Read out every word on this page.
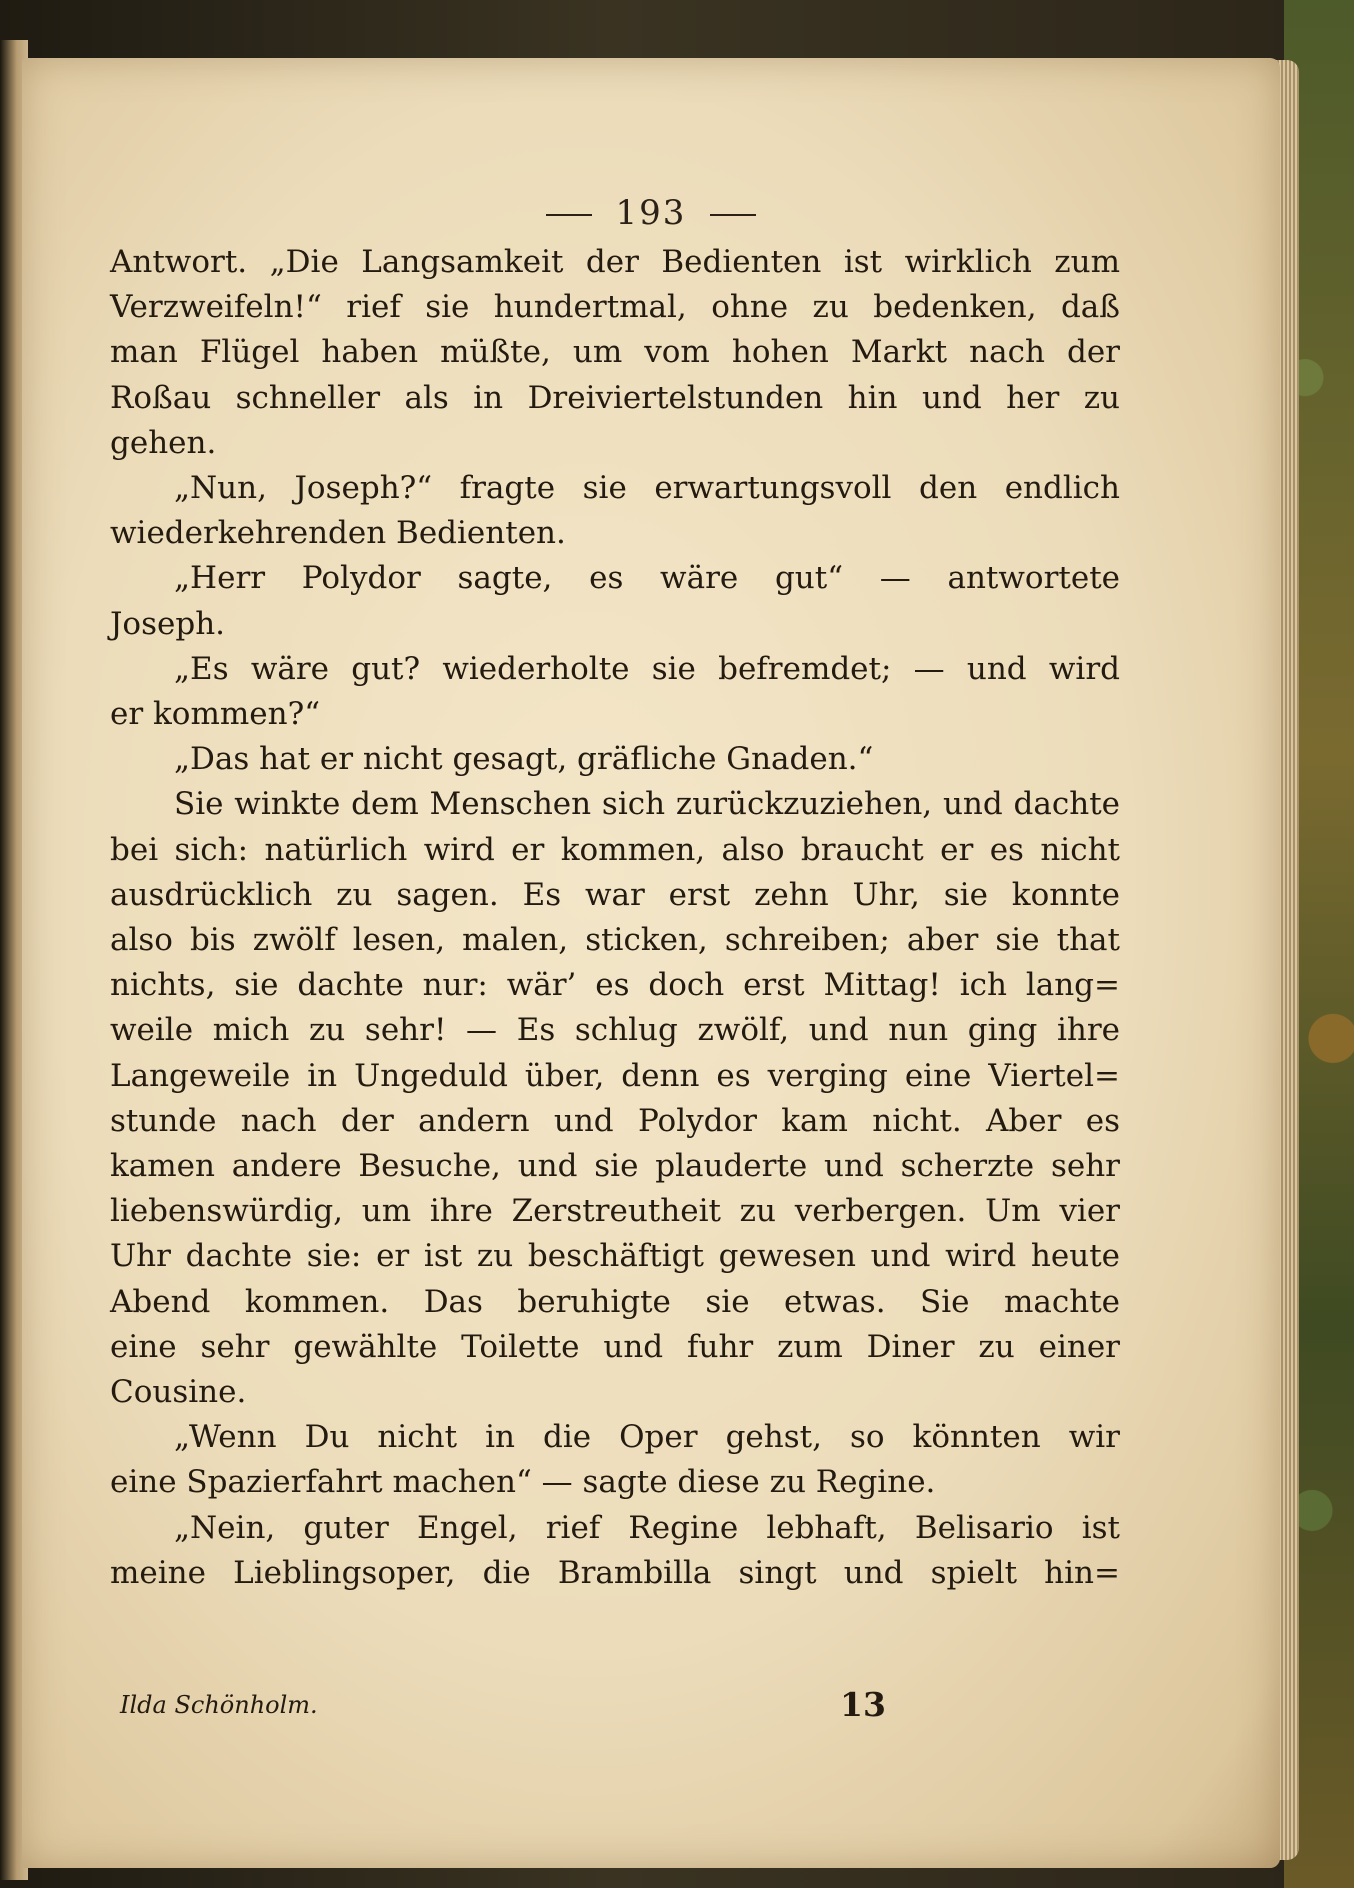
193
Antwort. „Die Langsamkeit der Bedienten ist wirklich zum
Verzweifeln!“ rief sie hundertmal, ohne zu bedenken, daß
man Flügel haben müßte, um vom hohen Markt nach der
Roßau schneller als in Dreiviertelstunden hin und her zu
gehen.
„Nun, Joseph?“ fragte sie erwartungsvoll den endlich
wiederkehrenden Bedienten.
„Herr Polydor sagte, es wäre gut“ — antwortete
Joseph.
„Es wäre gut? wiederholte sie befremdet; — und wird
er kommen?“
„Das hat er nicht gesagt, gräfliche Gnaden.“
Sie winkte dem Menschen sich zurückzuziehen, und dachte
bei sich: natürlich wird er kommen, also braucht er es nicht
ausdrücklich zu sagen. Es war erst zehn Uhr, sie konnte
also bis zwölf lesen, malen, sticken, schreiben; aber sie that
nichts, sie dachte nur: wär’ es doch erst Mittag! ich lang=
weile mich zu sehr! — Es schlug zwölf, und nun ging ihre
Langeweile in Ungeduld über, denn es verging eine Viertel=
stunde nach der andern und Polydor kam nicht. Aber es
kamen andere Besuche, und sie plauderte und scherzte sehr
liebenswürdig, um ihre Zerstreutheit zu verbergen. Um vier
Uhr dachte sie: er ist zu beschäftigt gewesen und wird heute
Abend kommen. Das beruhigte sie etwas. Sie machte
eine sehr gewählte Toilette und fuhr zum Diner zu einer
Cousine.
„Wenn Du nicht in die Oper gehst, so könnten wir
eine Spazierfahrt machen“ — sagte diese zu Regine.
„Nein, guter Engel, rief Regine lebhaft, Belisario ist
meine Lieblingsoper, die Brambilla singt und spielt hin=
Ilda Schönholm.	13
